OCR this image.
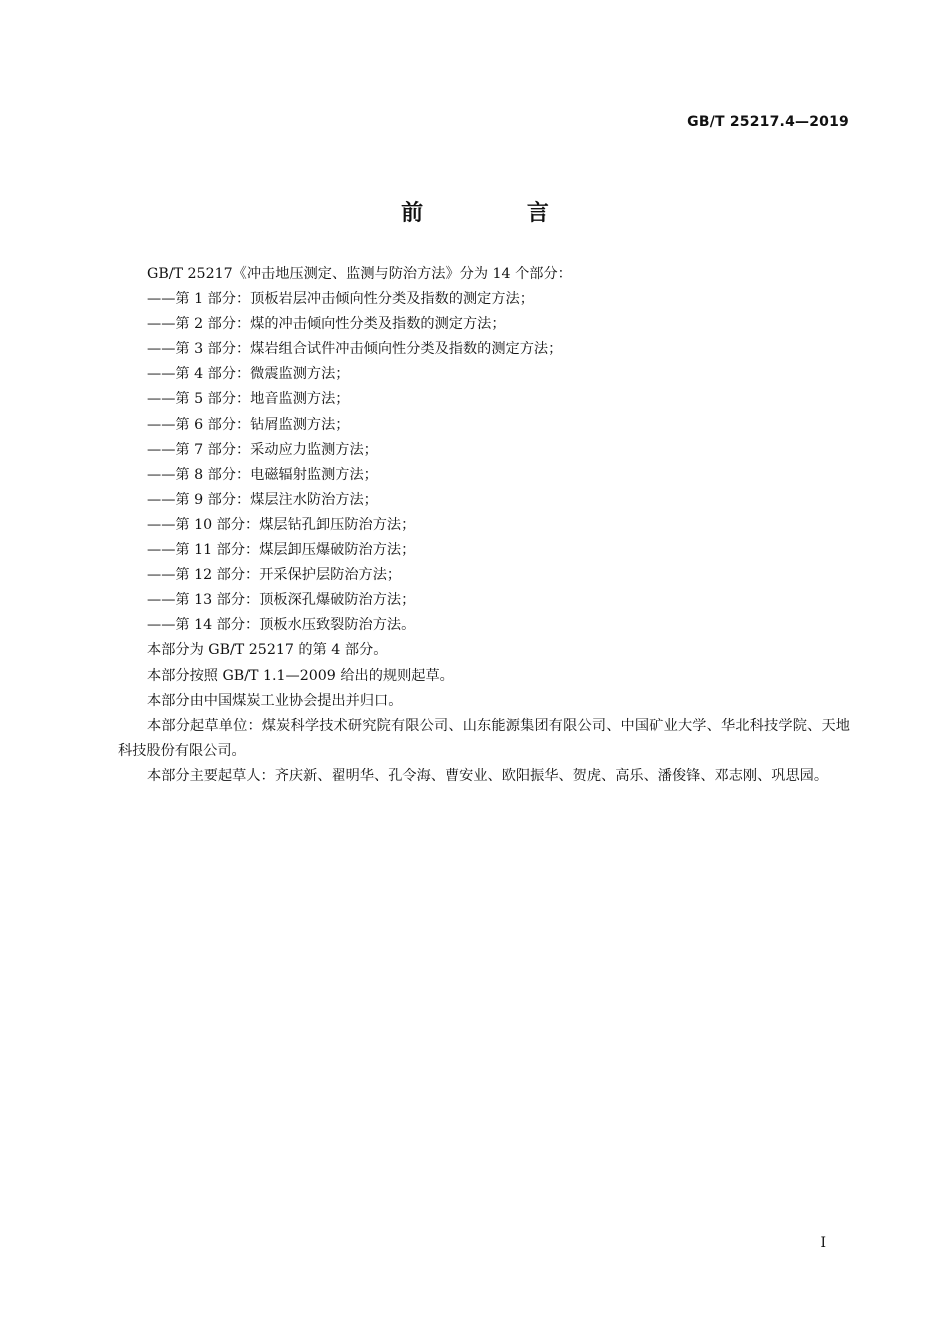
GB/T 25217.4—2019
前 言

GB/T 25217《冲击地压测定、监测与防治方法》分为 14 个部分：

——第 1 部分：顶板岩层冲击倾向性分类及指数的测定方法；

——第 2 部分：煤的冲击倾向性分类及指数的测定方法；

——第 3 部分：煤岩组合试件冲击倾向性分类及指数的测定方法；

——第 4 部分：微震监测方法；

——第 5 部分：地音监测方法；

——第 6 部分：钻屑监测方法；

——第 7 部分：采动应力监测方法；

——第 8 部分：电磁辐射监测方法；

——第 9 部分：煤层注水防治方法；

——第 10 部分：煤层钻孔卸压防治方法；

——第 11 部分：煤层卸压爆破防治方法；

——第 12 部分：开采保护层防治方法；

——第 13 部分：顶板深孔爆破防治方法；

——第 14 部分：顶板水压致裂防治方法。

本部分为 GB/T 25217 的第 4 部分。

本部分按照 GB/T 1.1—2009 给出的规则起草。

本部分由中国煤炭工业协会提出并归口。

本部分起草单位：煤炭科学技术研究院有限公司、山东能源集团有限公司、中国矿业大学、华北科技学院、天地科技股份有限公司。

本部分主要起草人：齐庆新、翟明华、孔令海、曹安业、欧阳振华、贺虎、高乐、潘俊锋、邓志刚、巩思园。

I
